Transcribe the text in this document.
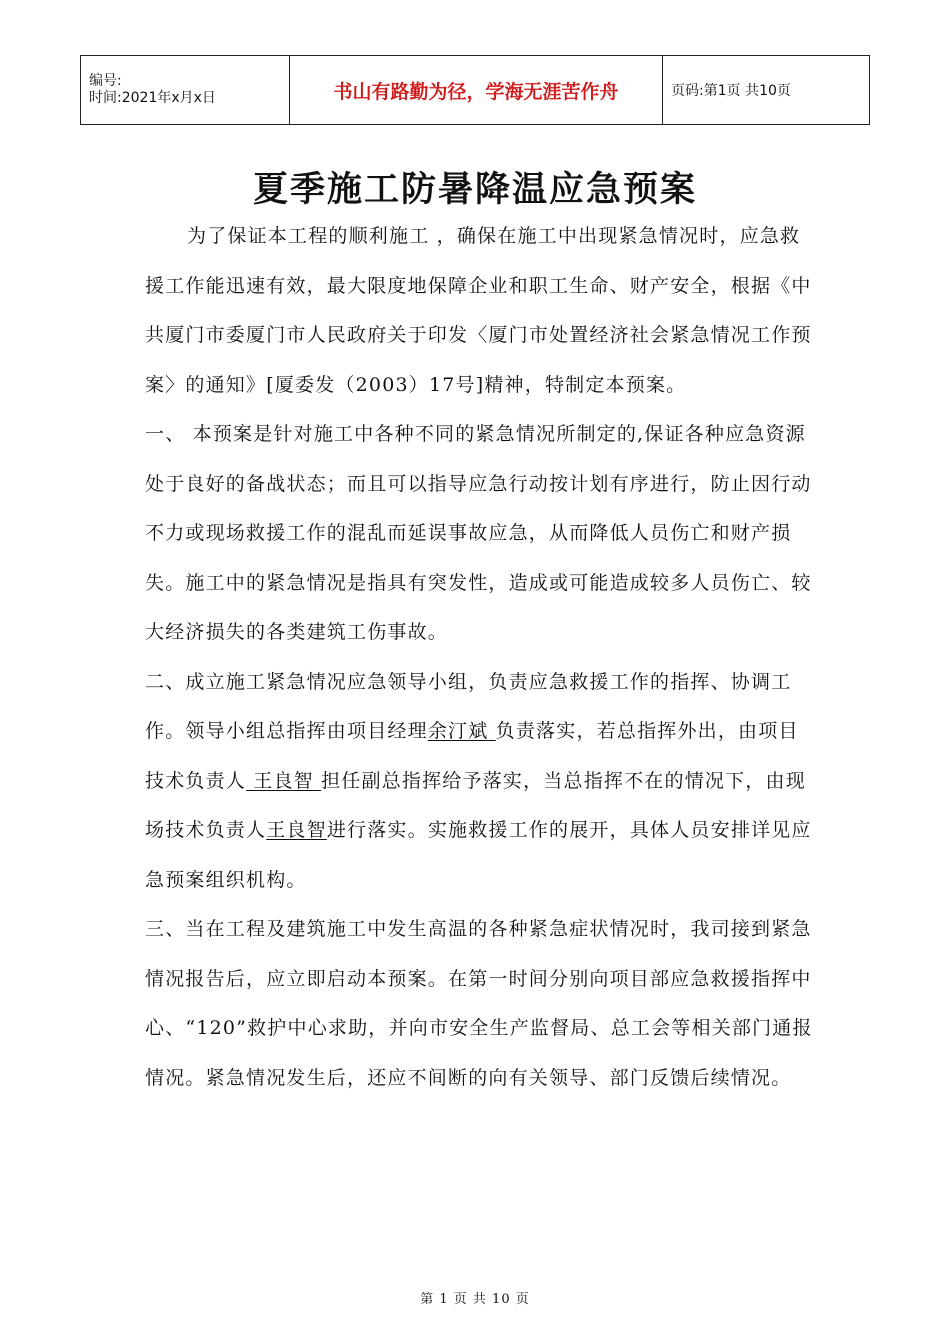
编号:
时间:2021年x月x日	书山有路勤为径，学海无涯苦作舟	页码:第1页 共10页
夏季施工防暑降温应急预案

为了保证本工程的顺利施工 ，确保在施工中出现紧急情况时，应急救援工作能迅速有效，最大限度地保障企业和职工生命、财产安全，根据《中共厦门市委厦门市人民政府关于印发〈厦门市处置经济社会紧急情况工作预案〉的通知》[厦委发（2003）17号]精神，特制定本预案。

一、 本预案是针对施工中各种不同的紧急情况所制定的,保证各种应急资源处于良好的备战状态；而且可以指导应急行动按计划有序进行，防止因行动不力或现场救援工作的混乱而延误事故应急，从而降低人员伤亡和财产损失。施工中的紧急情况是指具有突发性，造成或可能造成较多人员伤亡、较大经济损失的各类建筑工伤事故。

二、成立施工紧急情况应急领导小组，负责应急救援工作的指挥、协调工作。领导小组总指挥由项目经理余汀斌 负责落实，若总指挥外出，由项目技术负责人 王良智 担任副总指挥给予落实，当总指挥不在的情况下，由现场技术负责人王良智进行落实。实施救援工作的展开，具体人员安排详见应急预案组织机构。

三、当在工程及建筑施工中发生高温的各种紧急症状情况时，我司接到紧急情况报告后，应立即启动本预案。在第一时间分别向项目部应急救援指挥中心、“120”救护中心求助，并向市安全生产监督局、总工会等相关部门通报情况。紧急情况发生后，还应不间断的向有关领导、部门反馈后续情况。

第 1 页 共 10 页
